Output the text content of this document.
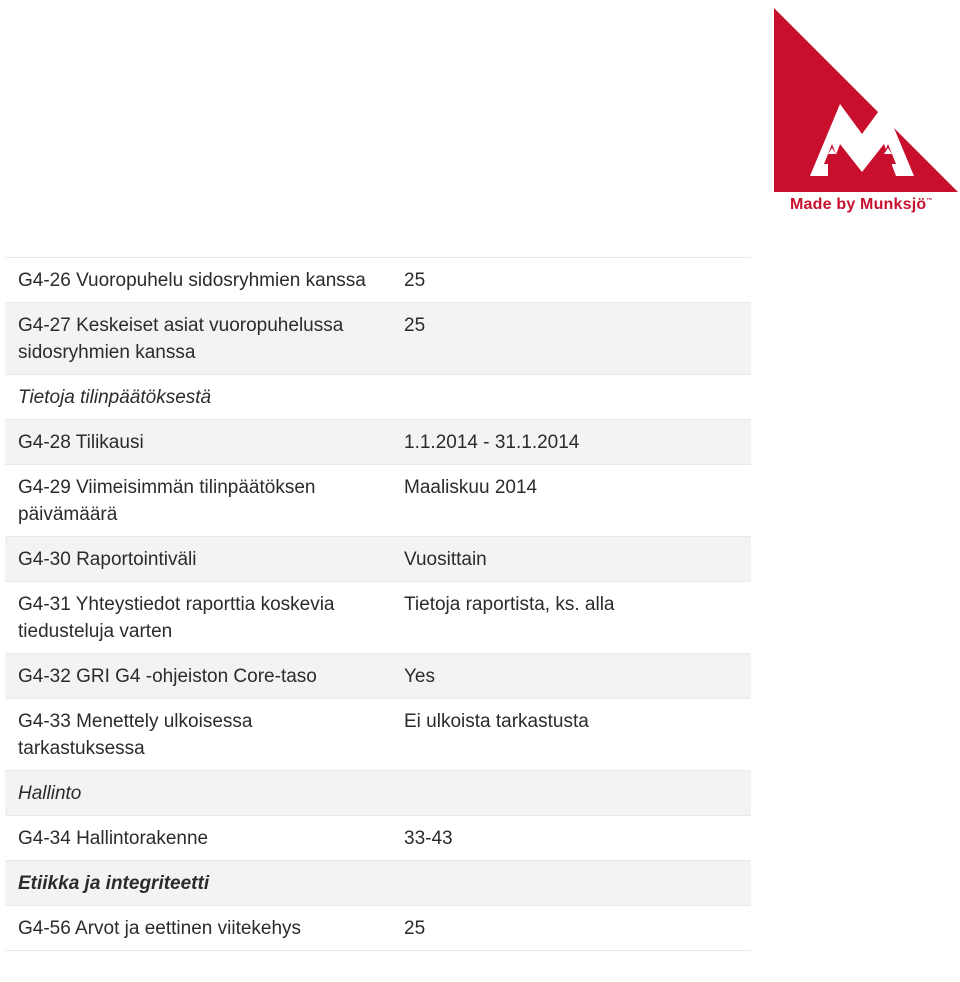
Made by Munksjö™
G4-26 Vuoropuhelu sidosryhmien kanssa	25
G4-27 Keskeiset asiat vuoropuhelussa sidosryhmien kanssa	25
Tietoja tilinpäätöksestä	
G4-28 Tilikausi	1.1.2014 - 31.1.2014
G4-29 Viimeisimmän tilinpäätöksen päivämäärä	Maaliskuu 2014
G4-30 Raportointiväli	Vuosittain
G4-31 Yhteystiedot raporttia koskevia tiedusteluja varten	Tietoja raportista, ks. alla
G4-32 GRI G4 -ohjeiston Core-taso	Yes
G4-33 Menettely ulkoisessa tarkastuksessa	Ei ulkoista tarkastusta
Hallinto	
G4-34 Hallintorakenne	33-43
Etiikka ja integriteetti	
G4-56 Arvot ja eettinen viitekehys	25
